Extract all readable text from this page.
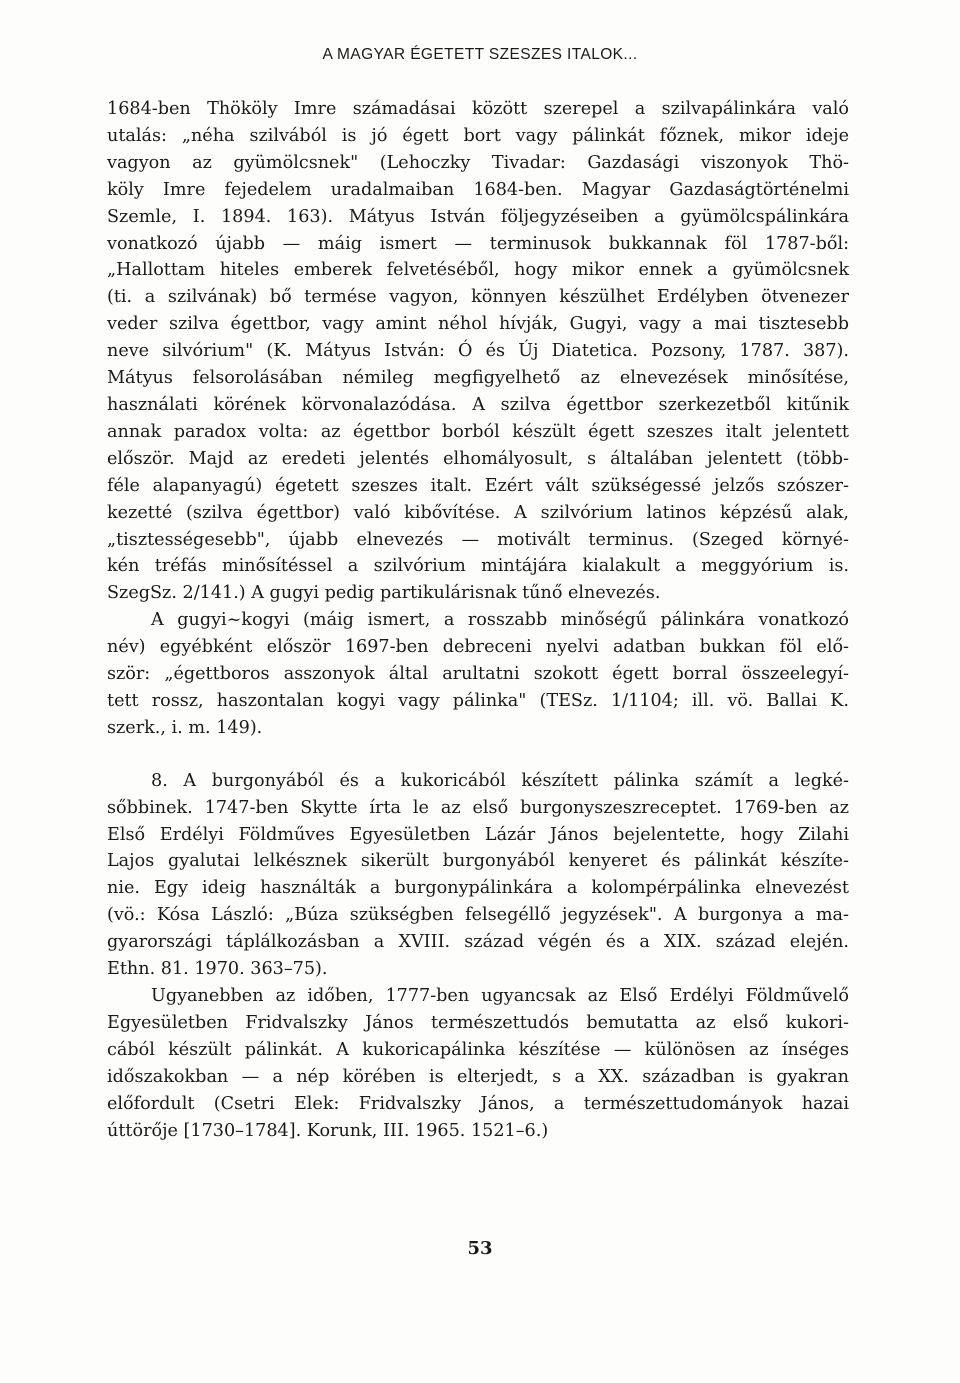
A MAGYAR ÉGETETT SZESZES ITALOK...
1684-ben Thököly Imre számadásai között szerepel a szilvapálinkára való
utalás: „néha szilvából is jó égett bort vagy pálinkát főznek, mikor ideje
vagyon az gyümölcsnek" (Lehoczky Tivadar: Gazdasági viszonyok Thö-
köly Imre fejedelem uradalmaiban 1684-ben. Magyar Gazdaságtörténelmi
Szemle, I. 1894. 163). Mátyus István följegyzéseiben a gyümölcspálinkára
vonatkozó újabb — máig ismert — terminusok bukkannak föl 1787-ből:
„Hallottam hiteles emberek felvetéséből, hogy mikor ennek a gyümölcsnek
(ti. a szilvának) bő termése vagyon, könnyen készülhet Erdélyben ötvenezer
veder szilva égettbor, vagy amint néhol hívják, Gugyi, vagy a mai tisztesebb
neve silvórium" (K. Mátyus István: Ó és Új Diatetica. Pozsony, 1787. 387).
Mátyus felsorolásában némileg megfigyelhető az elnevezések minősítése,
használati körének körvonalazódása. A szilva égettbor szerkezetből kitűnik
annak paradox volta: az égettbor borból készült égett szeszes italt jelentett
először. Majd az eredeti jelentés elhomályosult, s általában jelentett (több-
féle alapanyagú) égetett szeszes italt. Ezért vált szükségessé jelzős szószer-
kezetté (szilva égettbor) való kibővítése. A szilvórium latinos képzésű alak,
„tisztességesebb", újabb elnevezés — motivált terminus. (Szeged környé-
kén tréfás minősítéssel a szilvórium mintájára kialakult a meggyórium is.
SzegSz. 2/141.) A gugyi pedig partikulárisnak tűnő elnevezés.
A gugyi~kogyi (máig ismert, a rosszabb minőségű pálinkára vonatkozó
név) egyébként először 1697-ben debreceni nyelvi adatban bukkan föl elő-
ször: „égettboros asszonyok által arultatni szokott égett borral összeelegyí-
tett rossz, haszontalan kogyi vagy pálinka" (TESz. 1/1104; ill. vö. Ballai K.
szerk., i. m. 149).
8. A burgonyából és a kukoricából készített pálinka számít a legké-
sőbbinek. 1747-ben Skytte írta le az első burgonyszeszreceptet. 1769-ben az
Első Erdélyi Földműves Egyesületben Lázár János bejelentette, hogy Zilahi
Lajos gyalutai lelkésznek sikerült burgonyából kenyeret és pálinkát készíte-
nie. Egy ideig használták a burgonypálinkára a kolompérpálinka elnevezést
(vö.: Kósa László: „Búza szükségben felsegéllő jegyzések". A burgonya a ma-
gyarországi táplálkozásban a XVIII. század végén és a XIX. század elején.
Ethn. 81. 1970. 363–75).
Ugyanebben az időben, 1777-ben ugyancsak az Első Erdélyi Földművelő
Egyesületben Fridvalszky János természettudós bemutatta az első kukori-
cából készült pálinkát. A kukoricapálinka készítése — különösen az ínséges
időszakokban — a nép körében is elterjedt, s a XX. században is gyakran
előfordult (Csetri Elek: Fridvalszky János, a természettudományok hazai
úttörője [1730–1784]. Korunk, III. 1965. 1521–6.)
53
